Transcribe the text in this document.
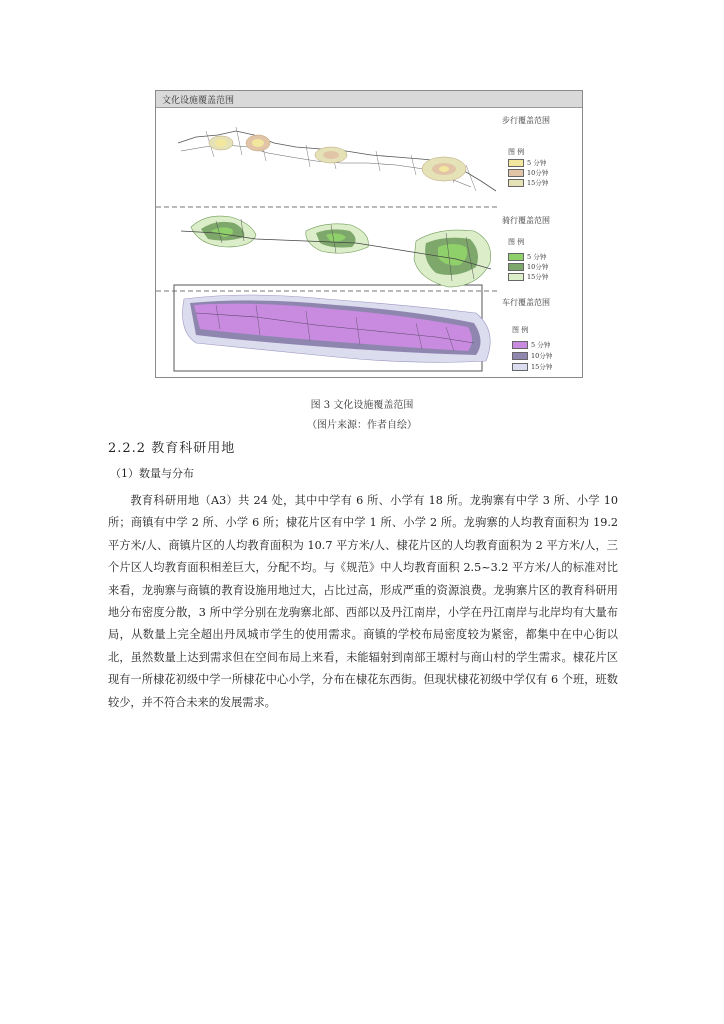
文化设施覆盖范围
步行覆盖范围
骑行覆盖范围
车行覆盖范围
图 例
5 分钟
10分钟
15分钟
图 例
5 分钟
10分钟
15分钟
图 例
5 分钟
10分钟
15分钟
图 3 文化设施覆盖范围
（图片来源：作者自绘）
2.2.2 教育科研用地
（1）数量与分布

教育科研用地（A3）共 24 处，其中中学有 6 所、小学有 18 所。龙驹寨有中学 3 所、小学 10 所；商镇有中学 2 所、小学 6 所；棣花片区有中学 1 所、小学 2 所。龙驹寨的人均教育面积为 19.2 平方米/人、商镇片区的人均教育面积为 10.7 平方米/人、棣花片区的人均教育面积为 2 平方米/人，三个片区人均教育面积相差巨大，分配不均。与《规范》中人均教育面积 2.5~3.2 平方米/人的标准对比来看，龙驹寨与商镇的教育设施用地过大，占比过高，形成严重的资源浪费。龙驹寨片区的教育科研用地分布密度分散，3 所中学分别在龙驹寨北部、西部以及丹江南岸，小学在丹江南岸与北岸均有大量布局，从数量上完全超出丹凤城市学生的使用需求。商镇的学校布局密度较为紧密，都集中在中心街以北，虽然数量上达到需求但在空间布局上来看，未能辐射到南部王塬村与商山村的学生需求。棣花片区现有一所棣花初级中学一所棣花中心小学，分布在棣花东西街。但现状棣花初级中学仅有 6 个班，班数较少，并不符合未来的发展需求。
